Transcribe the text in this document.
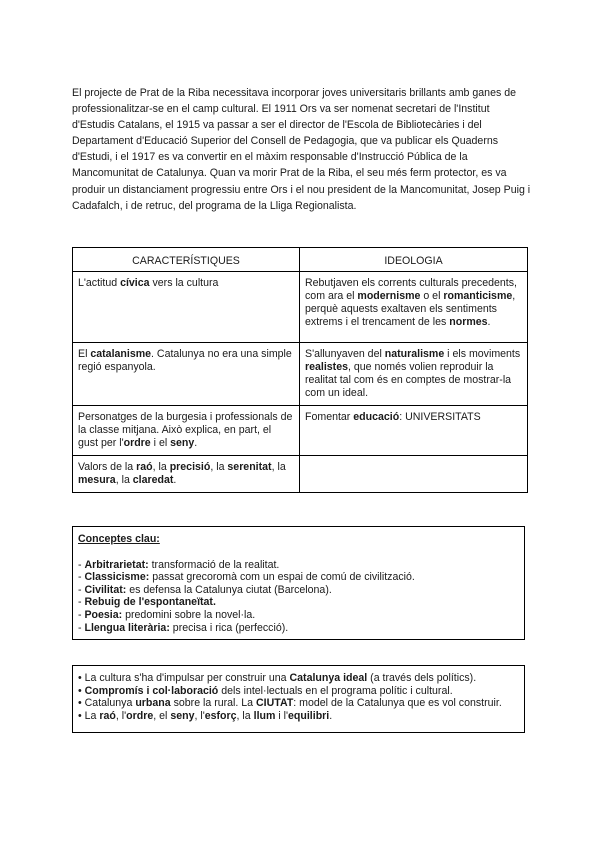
El projecte de Prat de la Riba necessitava incorporar joves universitaris brillants amb ganes de professionalitzar-se en el camp cultural. El 1911 Ors va ser nomenat secretari de l'Institut d'Estudis Catalans, el 1915 va passar a ser el director de l'Escola de Bibliotecàries i del Departament d'Educació Superior del Consell de Pedagogia, que va publicar els Quaderns d'Estudi, i el 1917 es va convertir en el màxim responsable d'Instrucció Pública de la Mancomunitat de Catalunya. Quan va morir Prat de la Riba, el seu més ferm protector, es va produir un distanciament progressiu entre Ors i el nou president de la Mancomunitat, Josep Puig i Cadafalch, i de retruc, del programa de la Lliga Regionalista.

CARACTERÍSTIQUES	IDEOLOGIA
L'actitud cívica vers la cultura	Rebutjaven els corrents culturals precedents, com ara el modernisme o el romanticisme, perquè aquests exaltaven els sentiments extrems i el trencament de les normes.
El catalanisme. Catalunya no era una simple regió espanyola.	S'allunyaven del naturalisme i els moviments realistes, que només volien reproduir la realitat tal com és en comptes de mostrar-la com un ideal.
Personatges de la burgesia i professionals de la classe mitjana. Això explica, en part, el gust per l'ordre i el seny.	Fomentar educació: UNIVERSITATS
Valors de la raó, la precisió, la serenitat, la mesura, la claredat.	
Conceptes clau:
- Arbitrarietat: transformació de la realitat.
- Classicisme: passat grecoromà com un espai de comú de civilització.
- Civilitat: es defensa la Catalunya ciutat (Barcelona).
- Rebuig de l'espontaneïtat.
- Poesia: predomini sobre la novel·la.
- Llengua literària: precisa i rica (perfecció).
• La cultura s'ha d'impulsar per construir una Catalunya ideal (a través dels polítics).
• Compromís i col·laboració dels intel·lectuals en el programa polític i cultural.
• Catalunya urbana sobre la rural. La CIUTAT: model de la Catalunya que es vol construir.
• La raó, l'ordre, el seny, l'esforç, la llum i l'equilibri.
